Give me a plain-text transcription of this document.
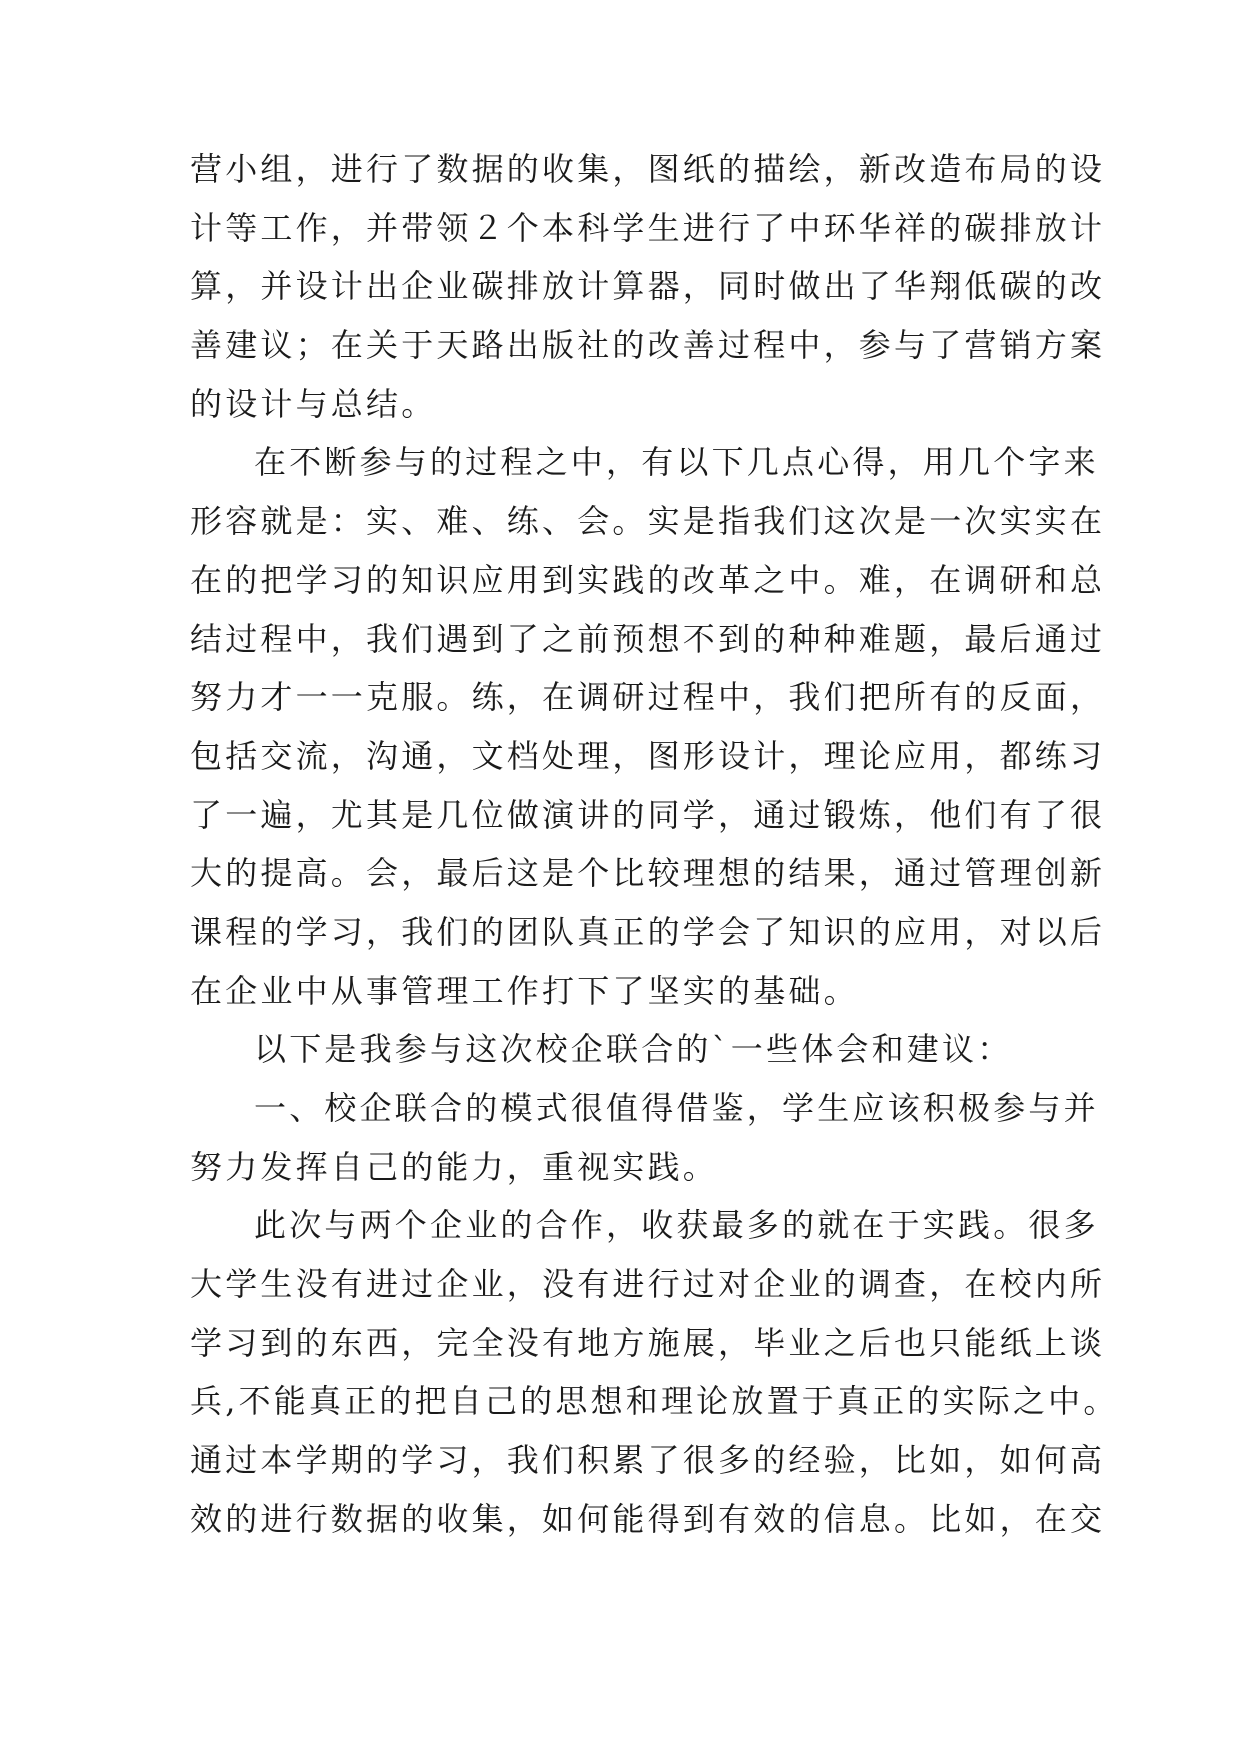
营小组，进行了数据的收集，图纸的描绘，新改造布局的设
计等工作，并带领２个本科学生进行了中环华祥的碳排放计
算，并设计出企业碳排放计算器，同时做出了华翔低碳的改
善建议；在关于天路出版社的改善过程中，参与了营销方案
的设计与总结。
在不断参与的过程之中，有以下几点心得，用几个字来
形容就是：实、难、练、会。实是指我们这次是一次实实在
在的把学习的知识应用到实践的改革之中。难，在调研和总
结过程中，我们遇到了之前预想不到的种种难题，最后通过
努力才一一克服。练，在调研过程中，我们把所有的反面，
包括交流，沟通，文档处理，图形设计，理论应用，都练习
了一遍，尤其是几位做演讲的同学，通过锻炼，他们有了很
大的提高。会，最后这是个比较理想的结果，通过管理创新
课程的学习，我们的团队真正的学会了知识的应用，对以后
在企业中从事管理工作打下了坚实的基础。
以下是我参与这次校企联合的`一些体会和建议：
一、校企联合的模式很值得借鉴，学生应该积极参与并
努力发挥自己的能力，重视实践。
此次与两个企业的合作，收获最多的就在于实践。很多
大学生没有进过企业，没有进行过对企业的调查，在校内所
学习到的东西，完全没有地方施展，毕业之后也只能纸上谈
兵,不能真正的把自己的思想和理论放置于真正的实际之中。
通过本学期的学习，我们积累了很多的经验，比如，如何高
效的进行数据的收集，如何能得到有效的信息。比如，在交
